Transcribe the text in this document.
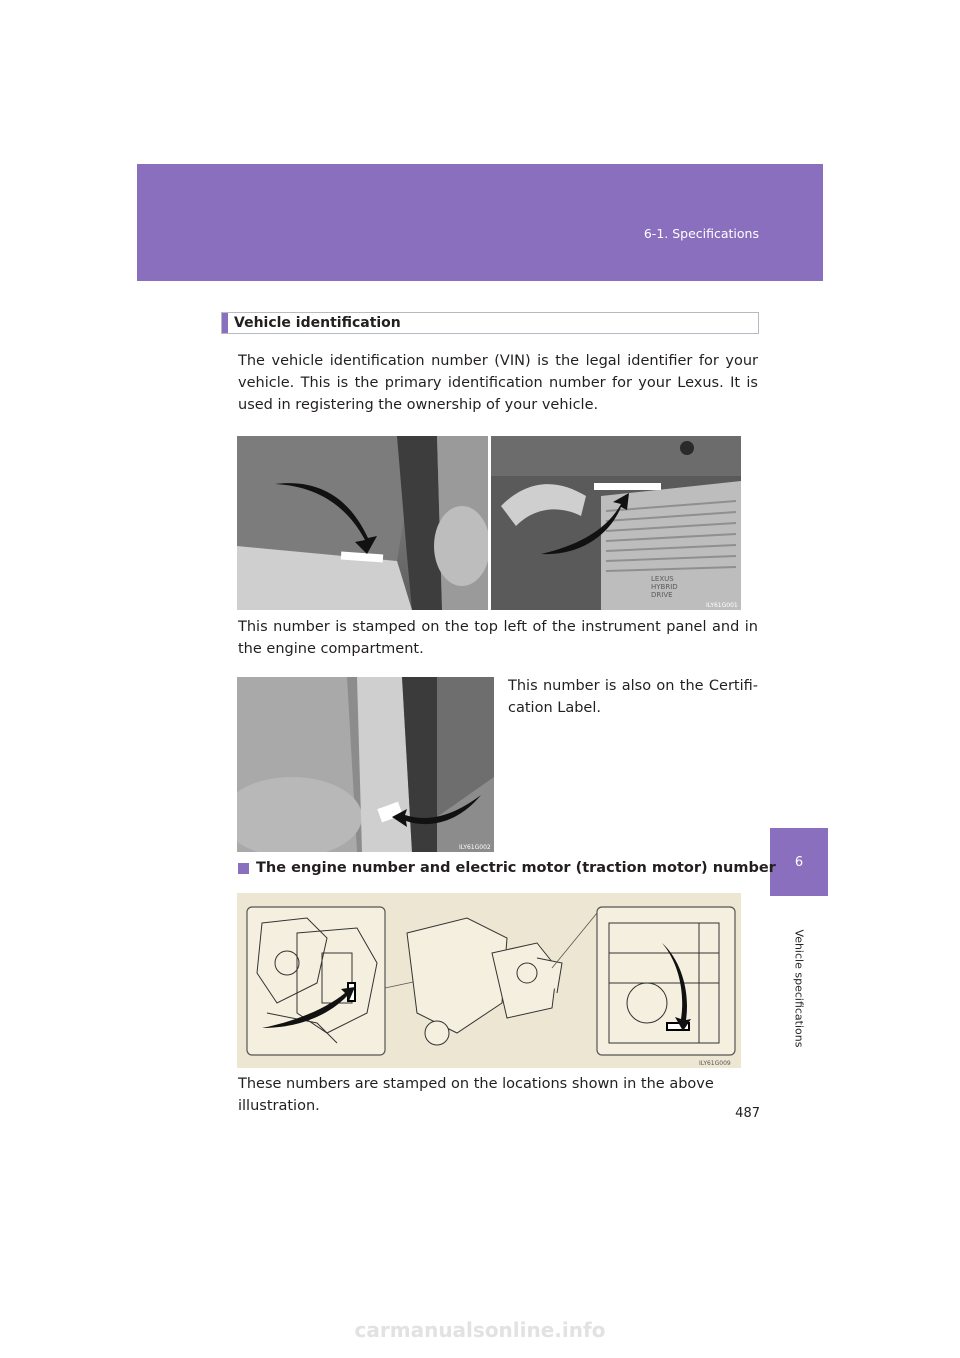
6-1. Specifications
6
Vehicle specifications
Vehicle identification
The vehicle identification number (VIN) is the legal identifier for your vehicle. This is the primary identification number for your Lexus. It is used in registering the ownership of your vehicle.
LEXUS
HYBRID
DRIVE
ILY61G001
This number is stamped on the top left of the instrument panel and in the engine compartment.
ILY61G002
This number is also on the Certifi-cation Label.
The engine number and electric motor (traction motor) number
ILY61G009
These numbers are stamped on the locations shown in the above illustration.	487
carmanualsonline.info
